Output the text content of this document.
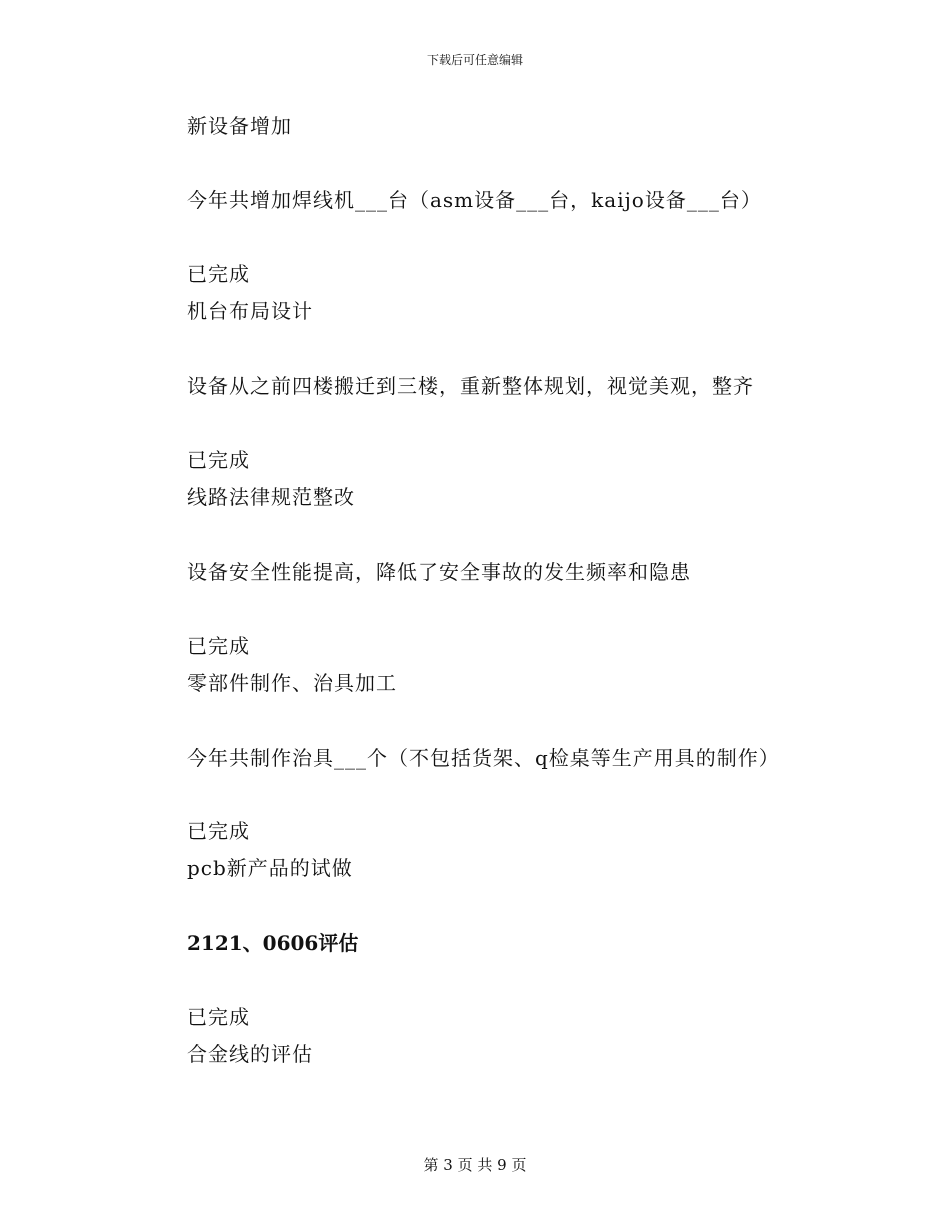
下载后可任意编辑
新设备增加
今年共增加焊线机___台（asm设备___台，kaijo设备___台）
已完成
机台布局设计
设备从之前四楼搬迁到三楼，重新整体规划，视觉美观，整齐
已完成
线路法律规范整改
设备安全性能提高，降低了安全事故的发生频率和隐患
已完成
零部件制作、治具加工
今年共制作治具___个（不包括货架、q检桌等生产用具的制作）
已完成
pcb新产品的试做
2121、0606评估
已完成
合金线的评估
第 3 页 共 9 页
